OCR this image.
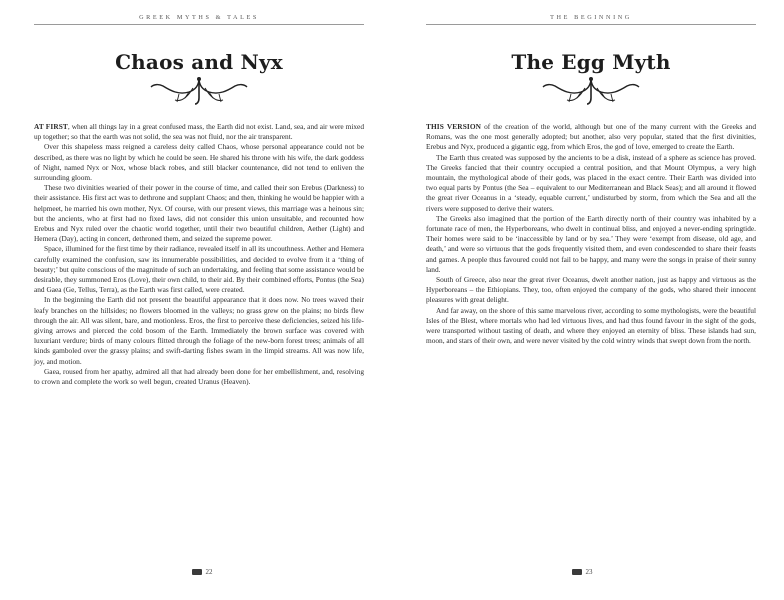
GREEK MYTHS & TALES
Chaos and Nyx

AT FIRST, when all things lay in a great confused mass, the Earth did not exist. Land, sea, and air were mixed up together; so that the earth was not solid, the sea was not fluid, nor the air transparent.

Over this shapeless mass reigned a careless deity called Chaos, whose personal appearance could not be described, as there was no light by which he could be seen. He shared his throne with his wife, the dark goddess of Night, named Nyx or Nox, whose black robes, and still blacker countenance, did not tend to enliven the surrounding gloom.

These two divinities wearied of their power in the course of time, and called their son Erebus (Darkness) to their assistance. His first act was to dethrone and supplant Chaos; and then, thinking he would be happier with a helpmeet, he married his own mother, Nyx. Of course, with our present views, this marriage was a heinous sin; but the ancients, who at first had no fixed laws, did not consider this union unsuitable, and recounted how Erebus and Nyx ruled over the chaotic world together, until their two beautiful children, Aether (Light) and Hemera (Day), acting in concert, dethroned them, and seized the supreme power.

Space, illumined for the first time by their radiance, revealed itself in all its uncouthness. Aether and Hemera carefully examined the confusion, saw its innumerable possibilities, and decided to evolve from it a ‘thing of beauty;’ but quite conscious of the magnitude of such an undertaking, and feeling that some assistance would be desirable, they summoned Eros (Love), their own child, to their aid. By their combined efforts, Pontus (the Sea) and Gaea (Ge, Tellus, Terra), as the Earth was first called, were created.

In the beginning the Earth did not present the beautiful appearance that it does now. No trees waved their leafy branches on the hillsides; no flowers bloomed in the valleys; no grass grew on the plains; no birds flew through the air. All was silent, bare, and motionless. Eros, the first to perceive these deficiencies, seized his life-giving arrows and pierced the cold bosom of the Earth. Immediately the brown surface was covered with luxuriant verdure; birds of many colours flitted through the foliage of the new-born forest trees; animals of all kinds gamboled over the grassy plains; and swift-darting fishes swam in the limpid streams. All was now life, joy, and motion.

Gaea, roused from her apathy, admired all that had already been done for her embellishment, and, resolving to crown and complete the work so well begun, created Uranus (Heaven).

22
THE BEGINNING
The Egg Myth

THIS VERSION of the creation of the world, although but one of the many current with the Greeks and Romans, was the one most generally adopted; but another, also very popular, stated that the first divinities, Erebus and Nyx, produced a gigantic egg, from which Eros, the god of love, emerged to create the Earth.

The Earth thus created was supposed by the ancients to be a disk, instead of a sphere as science has proved. The Greeks fancied that their country occupied a central position, and that Mount Olympus, a very high mountain, the mythological abode of their gods, was placed in the exact centre. Their Earth was divided into two equal parts by Pontus (the Sea – equivalent to our Mediterranean and Black Seas); and all around it flowed the great river Oceanus in a ‘steady, equable current,’ undisturbed by storm, from which the Sea and all the rivers were supposed to derive their waters.

The Greeks also imagined that the portion of the Earth directly north of their country was inhabited by a fortunate race of men, the Hyperboreans, who dwelt in continual bliss, and enjoyed a never-ending springtide. Their homes were said to be ‘inaccessible by land or by sea.’ They were ‘exempt from disease, old age, and death,’ and were so virtuous that the gods frequently visited them, and even condescended to share their feasts and games. A people thus favoured could not fail to be happy, and many were the songs in praise of their sunny land.

South of Greece, also near the great river Oceanus, dwelt another nation, just as happy and virtuous as the Hyperboreans – the Ethiopians. They, too, often enjoyed the company of the gods, who shared their innocent pleasures with great delight.

And far away, on the shore of this same marvelous river, according to some mythologists, were the beautiful Isles of the Blest, where mortals who had led virtuous lives, and had thus found favour in the sight of the gods, were transported without tasting of death, and where they enjoyed an eternity of bliss. These islands had sun, moon, and stars of their own, and were never visited by the cold wintry winds that swept down from the north.

23
